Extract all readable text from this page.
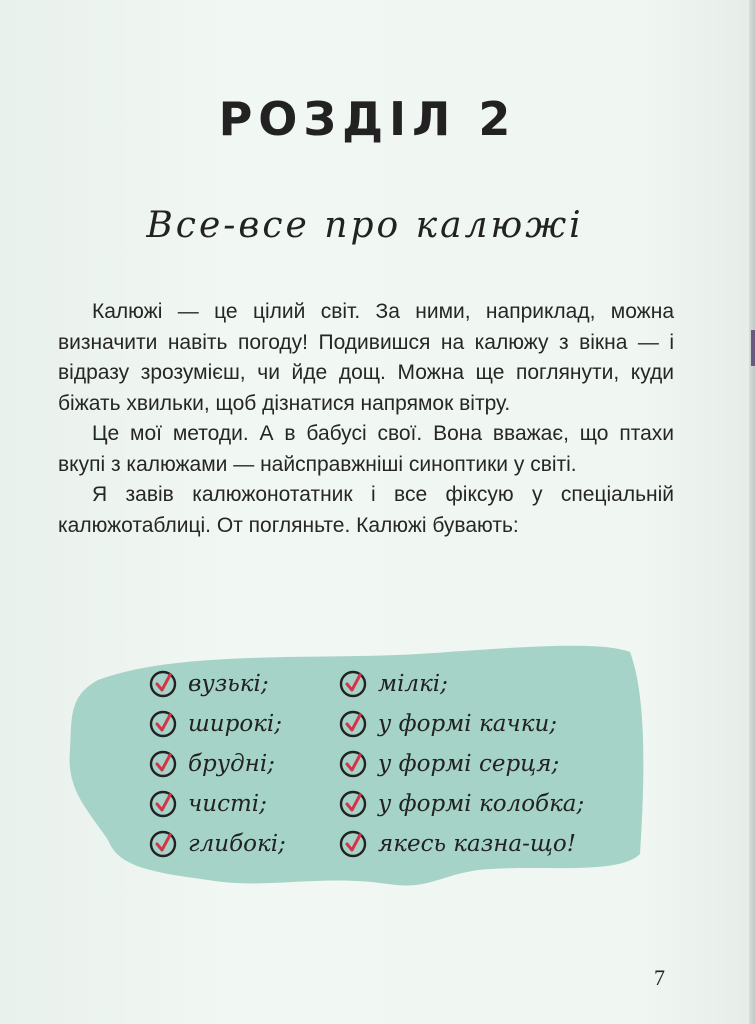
РОЗДІЛ 2
Все-все про калюжі

Калюжі — це цілий світ. За ними, наприклад, можна визначити навіть погоду! Подивишся на калюжу з вікна — і відразу зрозумієш, чи йде дощ. Можна ще поглянути, куди біжать хвильки, щоб дізнатися напрямок вітру.

Це мої методи. А в бабусі свої. Вона вважає, що птахи вкупі з калюжами — найсправжніші синоптики у світі.

Я завів калюжонотатник і все фіксую у спеціальній калюжотаблиці. От погляньте. Калюжі бувають:

вузькі;	мілкі;
широкі;	у формі качки;
брудні;	у формі серця;
чисті;	у формі колобка;
глибокі;	якесь казна-що!
7
